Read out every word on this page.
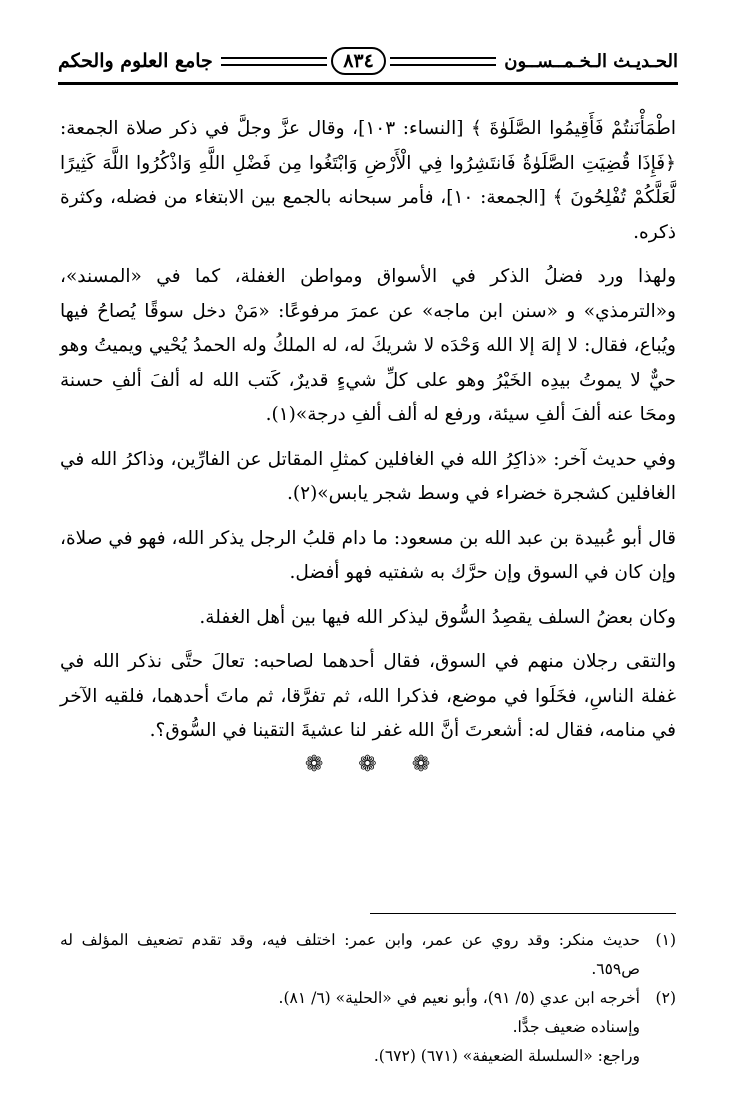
جامع العلوم والحكم	٨٣٤	الحـديـث الـخـمــســون

اطْمَأْنَنتُمْ فَأَقِيمُوا الصَّلَوٰةَ ﴾ [النساء: ١٠٣]، وقال عزَّ وجلَّ في ذكر صلاة الجمعة: ﴿فَإِذَا قُضِيَتِ الصَّلَوٰةُ فَانتَشِرُوا فِي الْأَرْضِ وَابْتَغُوا مِن فَضْلِ اللَّهِ وَاذْكُرُوا اللَّهَ كَثِيرًا لَّعَلَّكُمْ تُفْلِحُونَ ﴾ [الجمعة: ١٠]، فأمر سبحانه بالجمع بين الابتغاء من فضله، وكثرة ذكره.

ولهذا ورد فضلُ الذكر في الأسواق ومواطن الغفلة، كما في «المسند»، و«الترمذي» و «سنن ابن ماجه» عن عمرَ مرفوعًا: «مَنْ دخل سوقًا يُصاحُ فيها ويُباع، فقال: لا إلهَ إلا الله وَحْدَه لا شريكَ له، له الملكُ وله الحمدُ يُحْيي ويميتُ وهو حيٌّ لا يموتُ بيدِه الخَيْرُ وهو على كلِّ شيءٍ قديرٌ، كَتب الله له ألفَ ألفِ حسنة ومحَا عنه ألفَ ألفِ سيئة، ورفع له ألف ألفِ درجة»(١).

وفي حديث آخر: «ذاكِرُ الله في الغافلين كمثلِ المقاتل عن الفارِّين، وذاكرُ الله في الغافلين كشجرة خضراء في وسط شجر يابس»(٢).

قال أبو عُبيدة بن عبد الله بن مسعود: ما دام قلبُ الرجل يذكر الله، فهو في صلاة، وإن كان في السوق وإن حرَّك به شفتيه فهو أفضل.

وكان بعضُ السلف يقصِدُ السُّوق ليذكر الله فيها بين أهل الغفلة.

والتقى رجلان منهم في السوق، فقال أحدهما لصاحبه: تعالَ حتَّى نذكر الله في غفلة الناسِ، فخَلَوا في موضع، فذكرا الله، ثم تفرَّقا، ثم ماتَ أحدهما، فلقيه الآخر في منامه، فقال له: أشعرتَ أنَّ الله غفر لنا عشيةَ التقينا في السُّوق؟.

❁ ❁ ❁
(١)
حديث منكر: وقد روي عن عمر، وابن عمر: اختلف فيه، وقد تقدم تضعيف المؤلف له ص٦٥٩.
(٢)
أخرجه ابن عدي (٥/ ٩١)، وأبو نعيم في «الحلية» (٦/ ٨١).
وإسناده ضعيف جدًّا.
وراجع: «السلسلة الضعيفة» (٦٧١) (٦٧٢).
